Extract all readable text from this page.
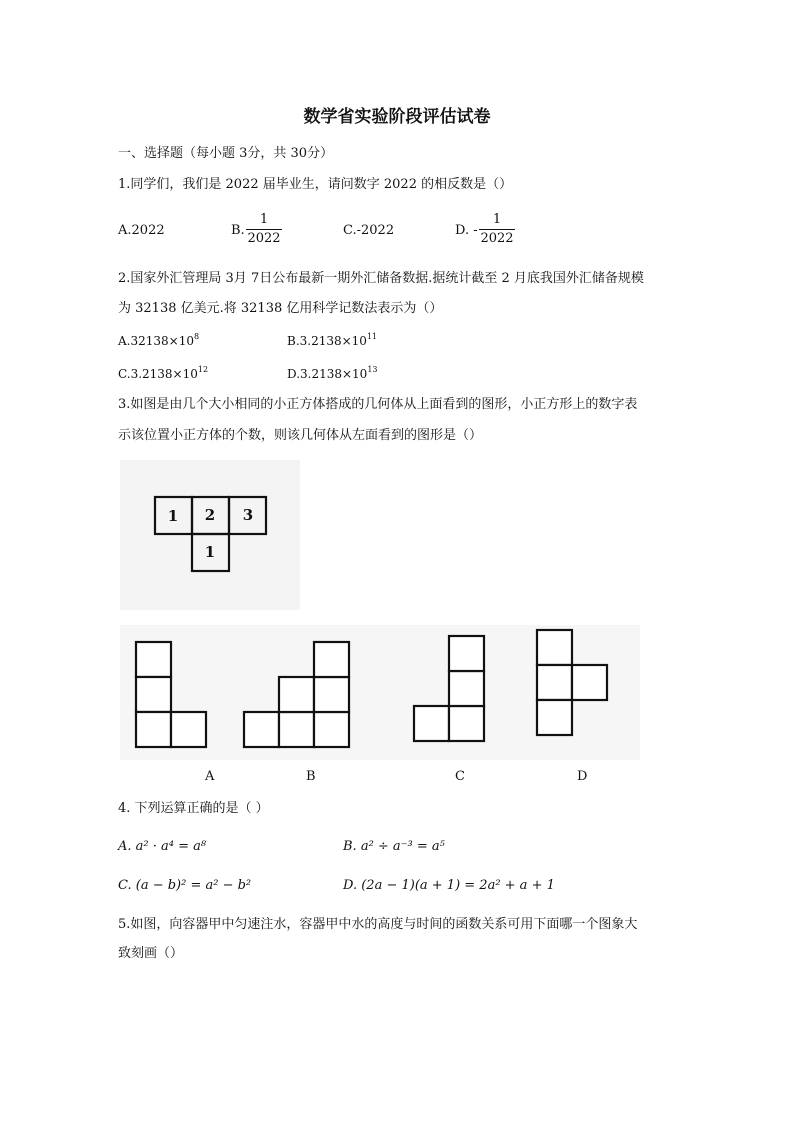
数学省实验阶段评估试卷
一、选择题（每小题 3分，共 30分）
1.同学们，我们是 2022 届毕业生，请问数字 2022 的相反数是（）
A.2022	B.
1
2022
C.-2022	D. -
1
2022
2.国家外汇管理局 3月 7日公布最新一期外汇储备数据.据统计截至 2 月底我国外汇储备规模
为 32138 亿美元.将 32138 亿用科学记数法表示为（）
$A.32138\times 10^8$	$B.3.2138\times 10^{11}$
$C.3.2138\times 10^{12}$	$D.3.2138\times 10^{13}$
3.如图是由几个大小相同的小正方体搭成的几何体从上面看到的图形，小正方形上的数字表
示该位置小正方体的个数，则该几何体从左面看到的图形是（）
1 2 3
1
A	B	C	D
4. 下列运算正确的是（ ）
A. a² · a⁴ = a⁸	B. a² ÷ a⁻³ = a⁵
C. (a − b)² = a² − b²	D. (2a − 1)(a + 1) = 2a² + a + 1
5.如图，向容器甲中匀速注水，容器甲中水的高度与时间的函数关系可用下面哪一个图象大
致刻画（）
